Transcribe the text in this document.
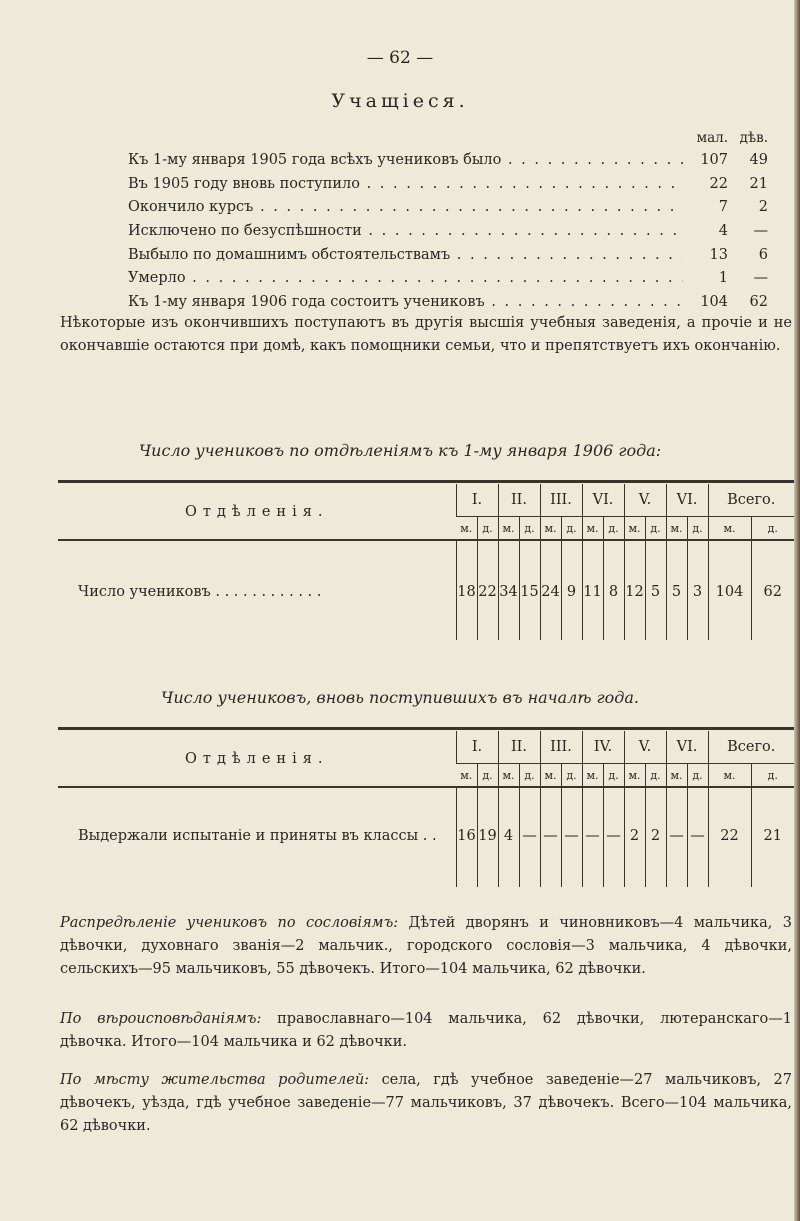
— 62 —
Учащіеся.
мал. дѣв.
Къ 1-му января 1905 года всѣхъ учениковъ было . . .	107	49
Въ 1905 году вновь поступило . . .	22	21
Окончило курсъ . . .	7	2
Исключено по безуспѣшности . . .	4	—
Выбыло по домашнимъ обстоятельствамъ . . .	13	6
Умерло . . .	1	—
Къ 1-му января 1906 года состоитъ учениковъ . . .	104	62
Нѣкоторые изъ окончившихъ поступаютъ въ другія высшія учебныя заведенія, а прочіе и не окончавшіе остаются при домѣ, какъ помощники семьи, что и препятствуетъ ихъ окончанію.
Число учениковъ по отдѣленіямъ къ 1-му января 1906 года:
Отдѣленія.	I.		II.		III.		VI.		V.		VI.		Всего.	
	м.	д.	м.	д.	м.	д.	м.	д.	м.	д.	м.	д.	м.	д.
Число учениковъ . . . . . . . . . . . .	18	22	34	15	24	9	11	8	12	5	5	3	104	62
Число учениковъ, вновь поступившихъ въ началѣ года.
Отдѣленія.	I.		II.		III.		IV.		V.		VI.		Всего.	
	м.	д.	м.	д.	м.	д.	м.	д.	м.	д.	м.	д.	м.	д.
Выдержали испытаніе и приняты въ классы . .	16	19	4	—	—	—	—	—	2	2	—	—	22	21
Распредѣленіе учениковъ по сословіямъ: Дѣтей дворянъ и чиновниковъ—4 мальчика, 3 дѣвочки, духовнаго званія—2 мальчик., городского сословія—3 мальчика, 4 дѣвочки, сельскихъ—95 мальчиковъ, 55 дѣвочекъ. Итого—104 мальчика, 62 дѣвочки.
По вѣроисповѣданіямъ: православнаго—104 мальчика, 62 дѣвочки, лютеранскаго—1 дѣвочка. Итого—104 мальчика и 62 дѣвочки.
По мѣсту жительства родителей: села, гдѣ учебное заведеніе—27 мальчиковъ, 27 дѣвочекъ, уѣзда, гдѣ учебное заведеніе—77 мальчиковъ, 37 дѣвочекъ. Всего—104 мальчика, 62 дѣвочки.
